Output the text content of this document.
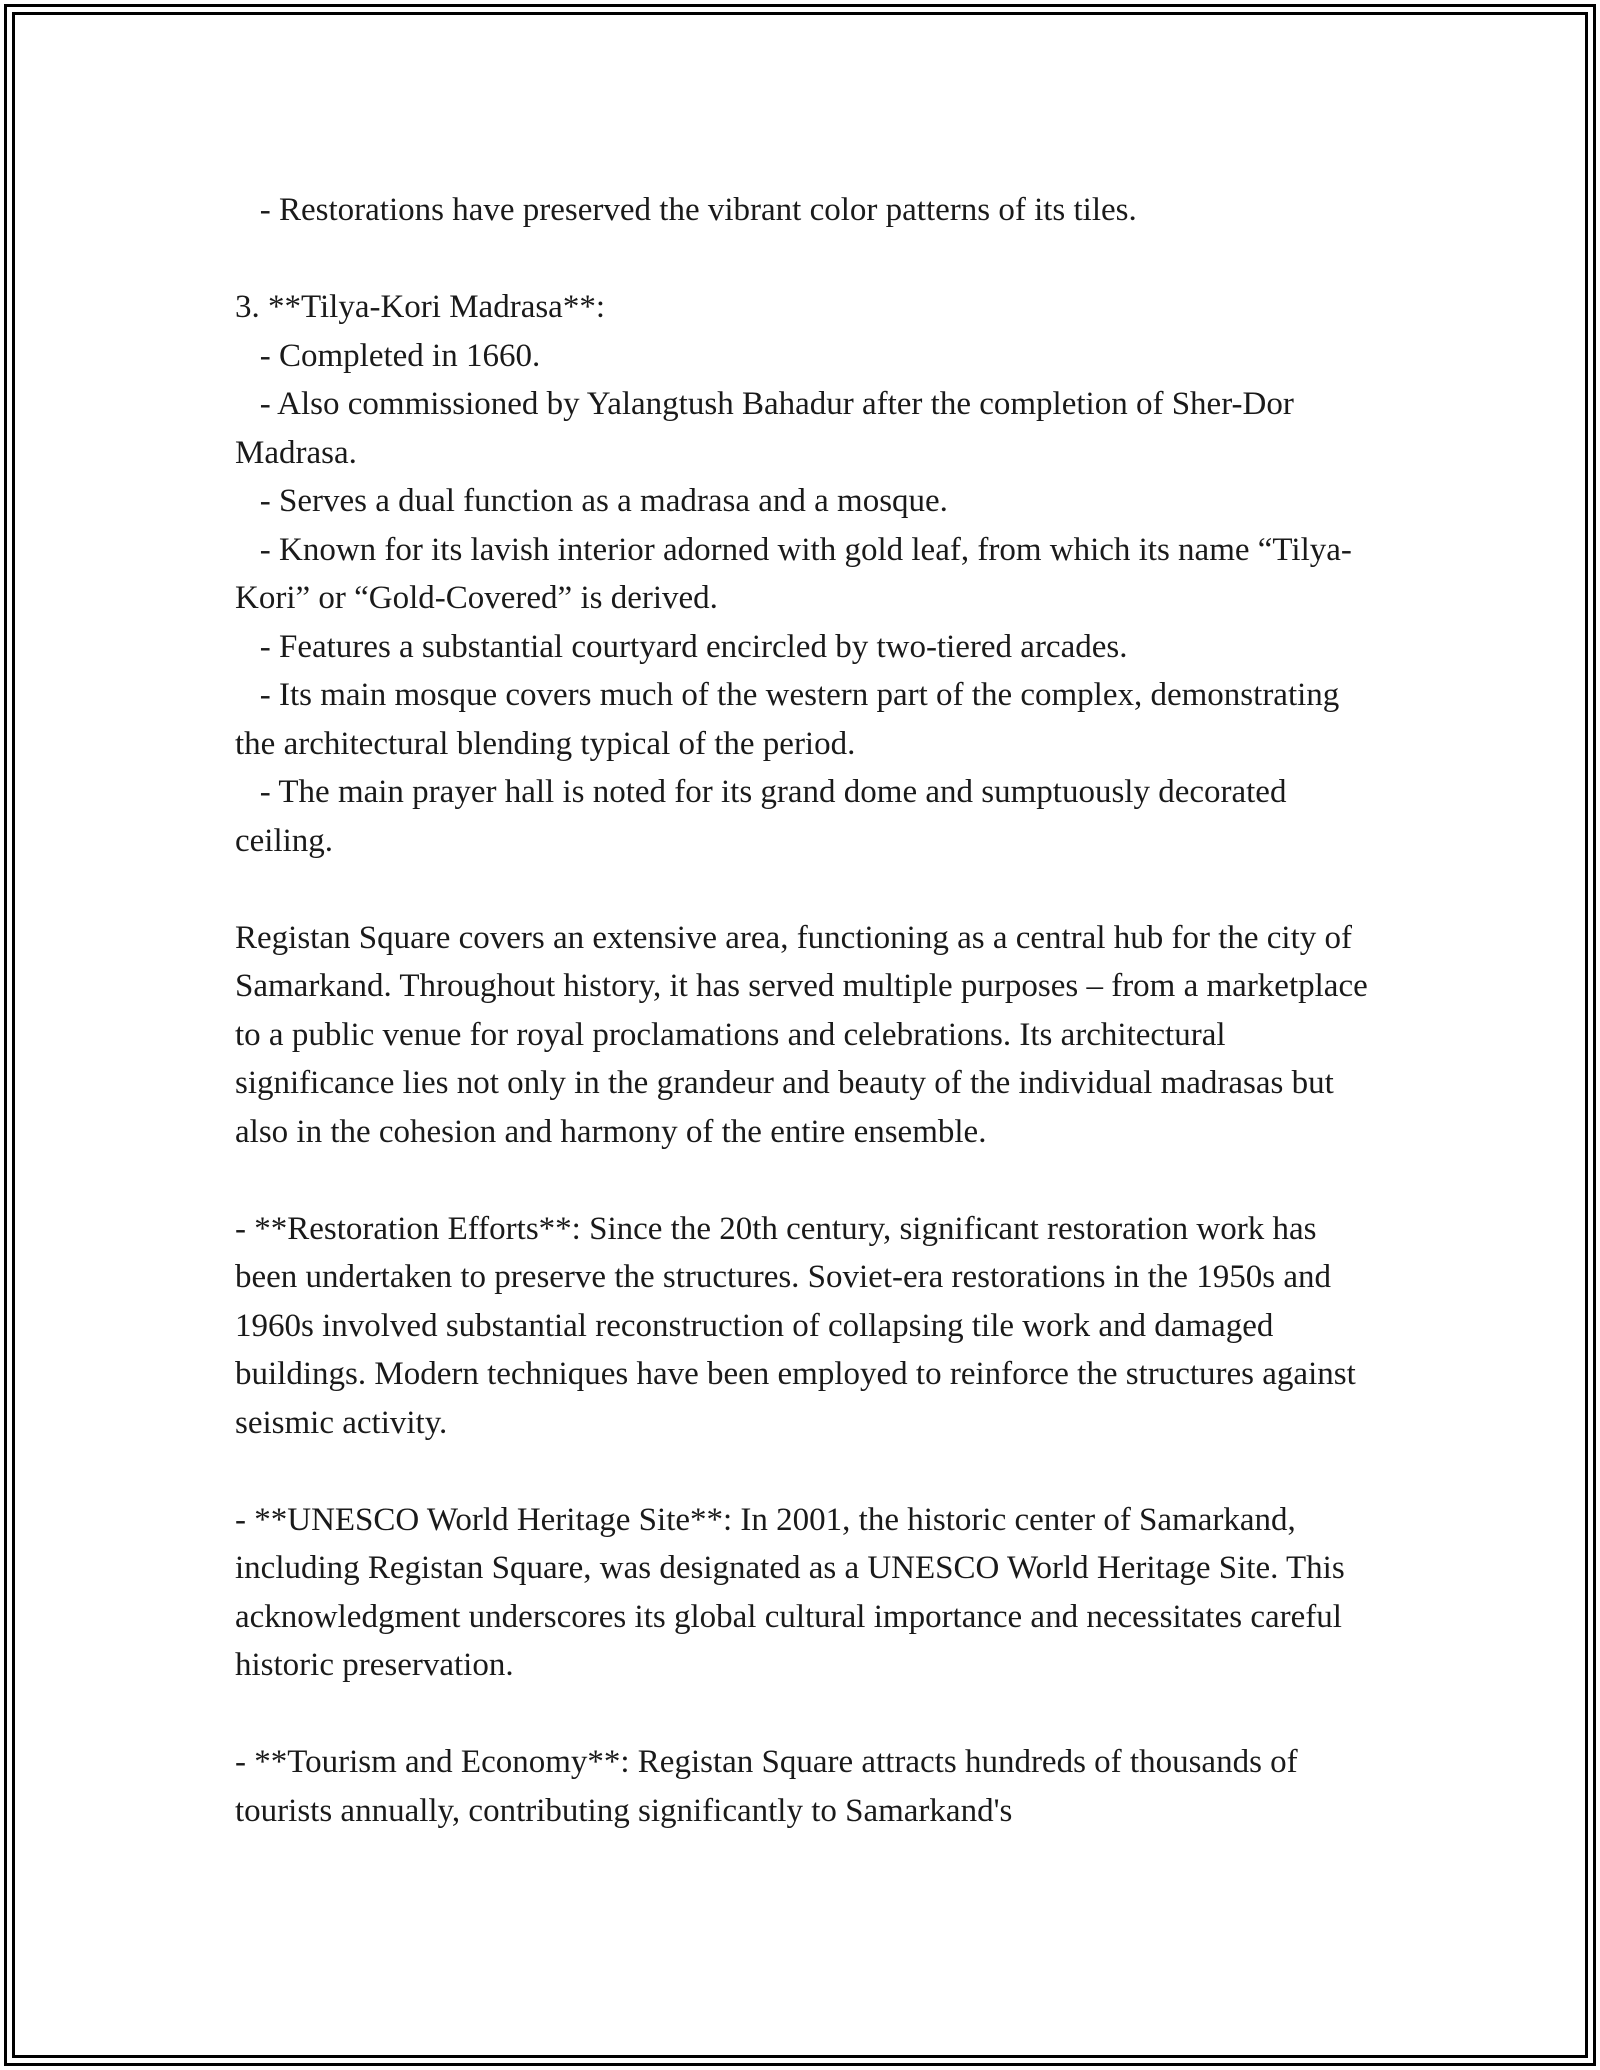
- Restorations have preserved the vibrant color patterns of its tiles.

3. **Tilya-Kori Madrasa**:

- Completed in 1660.

- Also commissioned by Yalangtush Bahadur after the completion of Sher-Dor Madrasa.

- Serves a dual function as a madrasa and a mosque.

- Known for its lavish interior adorned with gold leaf, from which its name “Tilya-Kori” or “Gold-Covered” is derived.

- Features a substantial courtyard encircled by two-tiered arcades.

- Its main mosque covers much of the western part of the complex, demonstrating the architectural blending typical of the period.

- The main prayer hall is noted for its grand dome and sumptuously decorated ceiling.

Registan Square covers an extensive area, functioning as a central hub for the city of Samarkand. Throughout history, it has served multiple purposes – from a marketplace to a public venue for royal proclamations and celebrations. Its architectural significance lies not only in the grandeur and beauty of the individual madrasas but also in the cohesion and harmony of the entire ensemble.

- **Restoration Efforts**: Since the 20th century, significant restoration work has been undertaken to preserve the structures. Soviet-era restorations in the 1950s and 1960s involved substantial reconstruction of collapsing tile work and damaged buildings. Modern techniques have been employed to reinforce the structures against seismic activity.

- **UNESCO World Heritage Site**: In 2001, the historic center of Samarkand, including Registan Square, was designated as a UNESCO World Heritage Site. This acknowledgment underscores its global cultural importance and necessitates careful historic preservation.

- **Tourism and Economy**: Registan Square attracts hundreds of thousands of tourists annually, contributing significantly to Samarkand's
